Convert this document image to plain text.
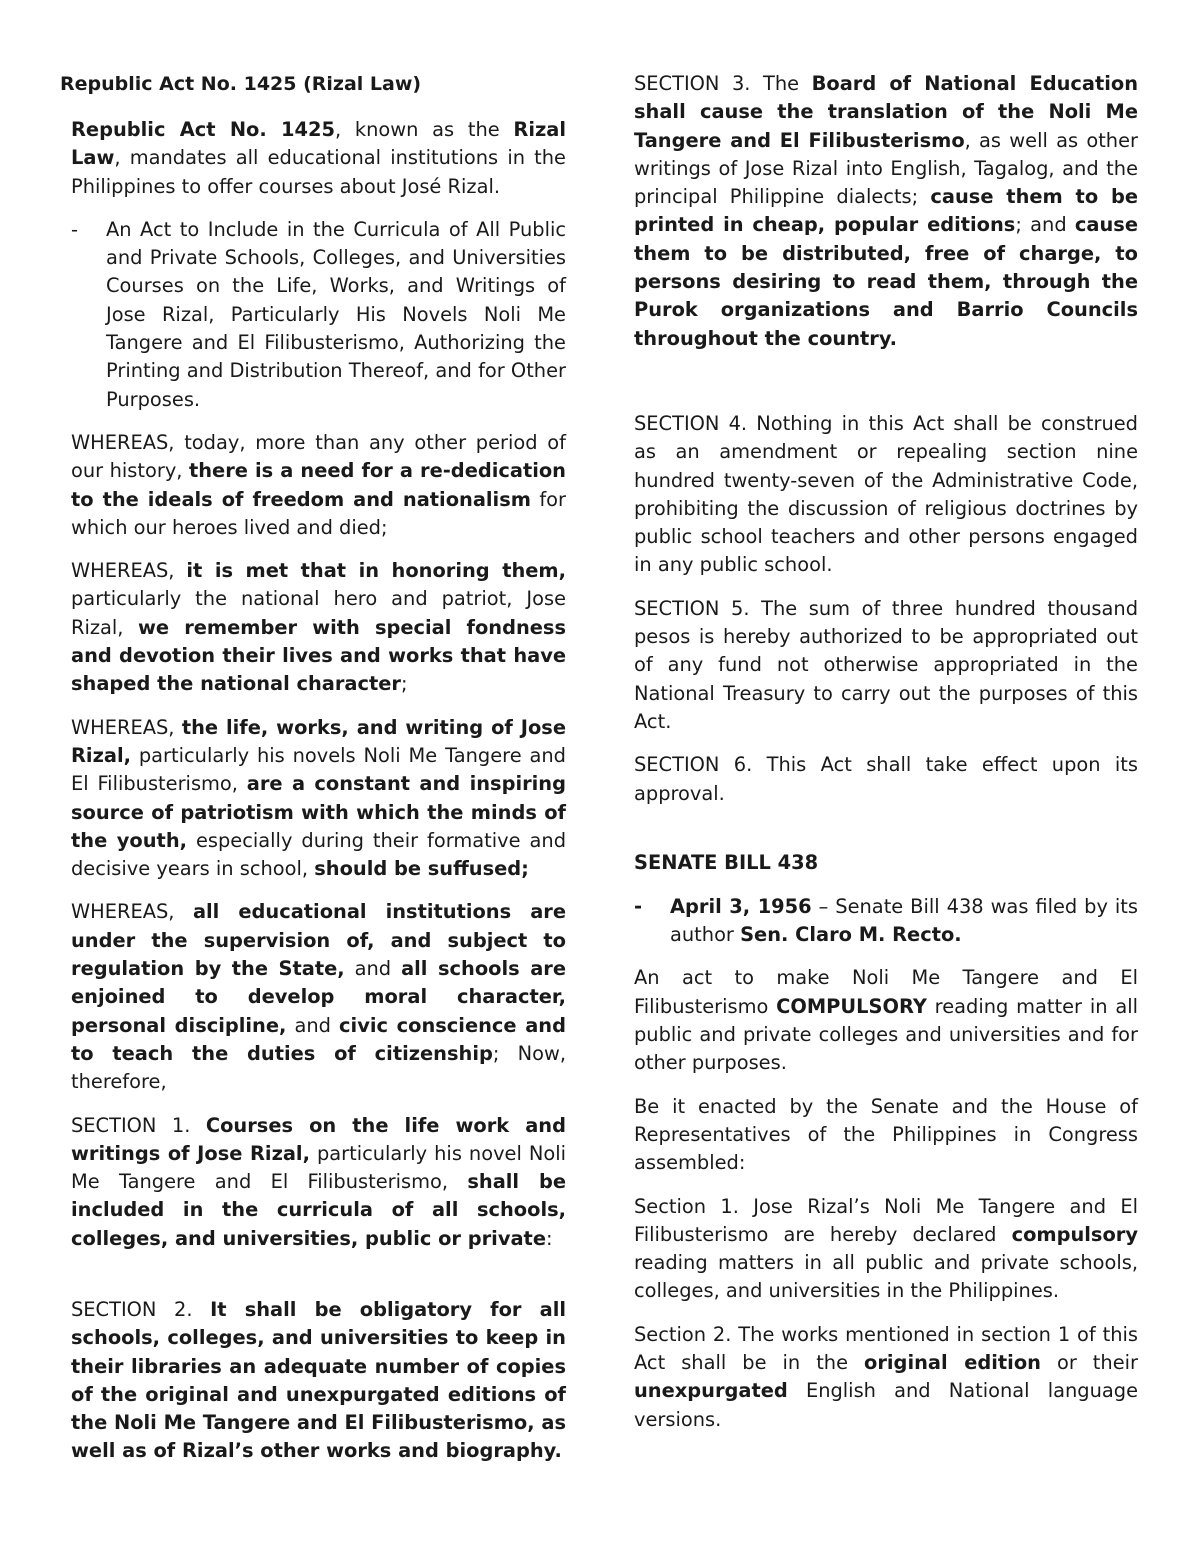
Republic Act No. 1425 (Rizal Law)

Republic Act No. 1425, known as the Rizal Law, mandates all educational institutions in the Philippines to offer courses about José Rizal.

-	An Act to Include in the Curricula of All Public and Private Schools, Colleges, and Universities Courses on the Life, Works, and Writings of Jose Rizal, Particularly His Novels Noli Me Tangere and El Filibusterismo, Authorizing the Printing and Distribution Thereof, and for Other Purposes.

WHEREAS, today, more than any other period of our history, there is a need for a re-dedication to the ideals of freedom and nationalism for which our heroes lived and died;

WHEREAS, it is met that in honoring them, particularly the national hero and patriot, Jose Rizal, we remember with special fondness and devotion their lives and works that have shaped the national character;

WHEREAS, the life, works, and writing of Jose Rizal, particularly his novels Noli Me Tangere and El Filibusterismo, are a constant and inspiring source of patriotism with which the minds of the youth, especially during their formative and decisive years in school, should be suffused;

WHEREAS, all educational institutions are under the supervision of, and subject to regulation by the State, and all schools are enjoined to develop moral character, personal discipline, and civic conscience and to teach the duties of citizenship; Now, therefore,

SECTION 1. Courses on the life work and writings of Jose Rizal, particularly his novel Noli Me Tangere and El Filibusterismo, shall be included in the curricula of all schools, colleges, and universities, public or private:

SECTION 2. It shall be obligatory for all schools, colleges, and universities to keep in their libraries an adequate number of copies of the original and unexpurgated editions of the Noli Me Tangere and El Filibusterismo, as well as of Rizal’s other works and biography.

SECTION 3. The Board of National Education shall cause the translation of the Noli Me Tangere and El Filibusterismo, as well as other writings of Jose Rizal into English, Tagalog, and the principal Philippine dialects; cause them to be printed in cheap, popular editions; and cause them to be distributed, free of charge, to persons desiring to read them, through the Purok organizations and Barrio Councils throughout the country.

SECTION 4. Nothing in this Act shall be construed as an amendment or repealing section nine hundred twenty-seven of the Administrative Code, prohibiting the discussion of religious doctrines by public school teachers and other persons engaged in any public school.

SECTION 5. The sum of three hundred thousand pesos is hereby authorized to be appropriated out of any fund not otherwise appropriated in the National Treasury to carry out the purposes of this Act.

SECTION 6. This Act shall take effect upon its approval.

SENATE BILL 438
-	April 3, 1956 – Senate Bill 438 was filed by its author Sen. Claro M. Recto.

An act to make Noli Me Tangere and El Filibusterismo COMPULSORY reading matter in all public and private colleges and universities and for other purposes.

Be it enacted by the Senate and the House of Representatives of the Philippines in Congress assembled:

Section 1. Jose Rizal’s Noli Me Tangere and El Filibusterismo are hereby declared compulsory reading matters in all public and private schools, colleges, and universities in the Philippines.

Section 2. The works mentioned in section 1 of this Act shall be in the original edition or their unexpurgated English and National language versions.
